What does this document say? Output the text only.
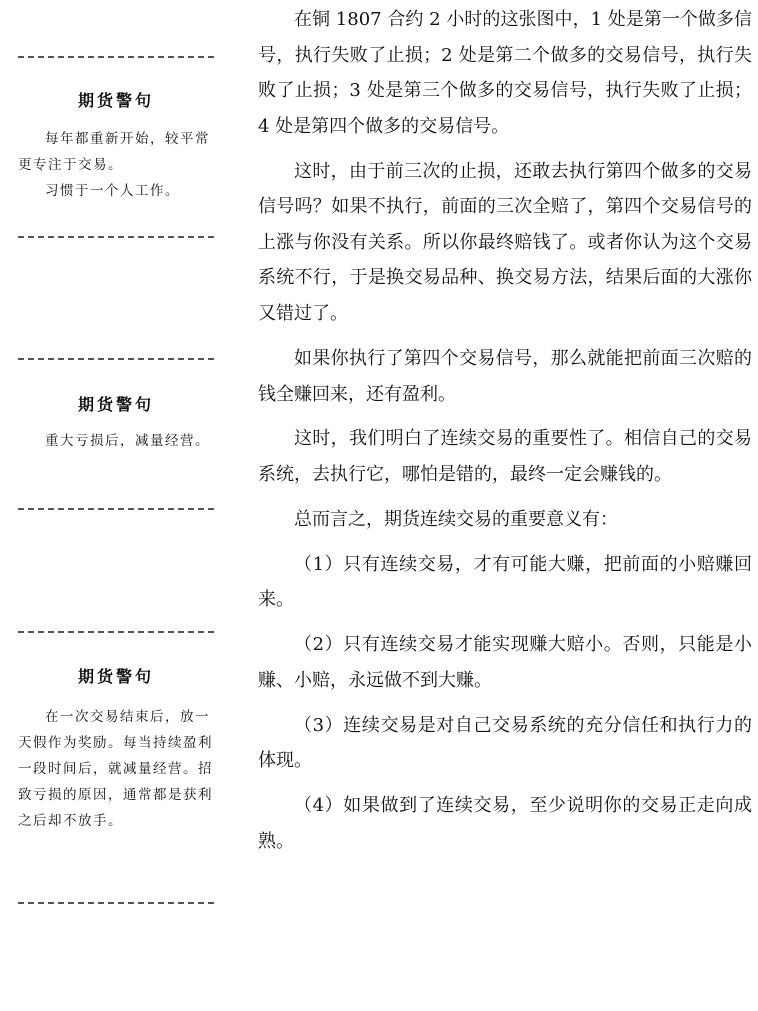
期货警句

每年都重新开始，较平常更专注于交易。

习惯于一个人工作。

期货警句

重大亏损后，减量经营。

期货警句

在一次交易结束后，放一天假作为奖励。每当持续盈利一段时间后，就减量经营。招致亏损的原因，通常都是获利之后却不放手。

在铜 1807 合约 2 小时的这张图中，1 处是第一个做多信号，执行失败了止损；2 处是第二个做多的交易信号，执行失败了止损；3 处是第三个做多的交易信号，执行失败了止损；4 处是第四个做多的交易信号。

这时，由于前三次的止损，还敢去执行第四个做多的交易信号吗？如果不执行，前面的三次全赔了，第四个交易信号的上涨与你没有关系。所以你最终赔钱了。或者你认为这个交易系统不行，于是换交易品种、换交易方法，结果后面的大涨你又错过了。

如果你执行了第四个交易信号，那么就能把前面三次赔的钱全赚回来，还有盈利。

这时，我们明白了连续交易的重要性了。相信自己的交易系统，去执行它，哪怕是错的，最终一定会赚钱的。

总而言之，期货连续交易的重要意义有：

（1）只有连续交易，才有可能大赚，把前面的小赔赚回来。

（2）只有连续交易才能实现赚大赔小。否则，只能是小赚、小赔，永远做不到大赚。

（3）连续交易是对自己交易系统的充分信任和执行力的体现。

（4）如果做到了连续交易，至少说明你的交易正走向成熟。
